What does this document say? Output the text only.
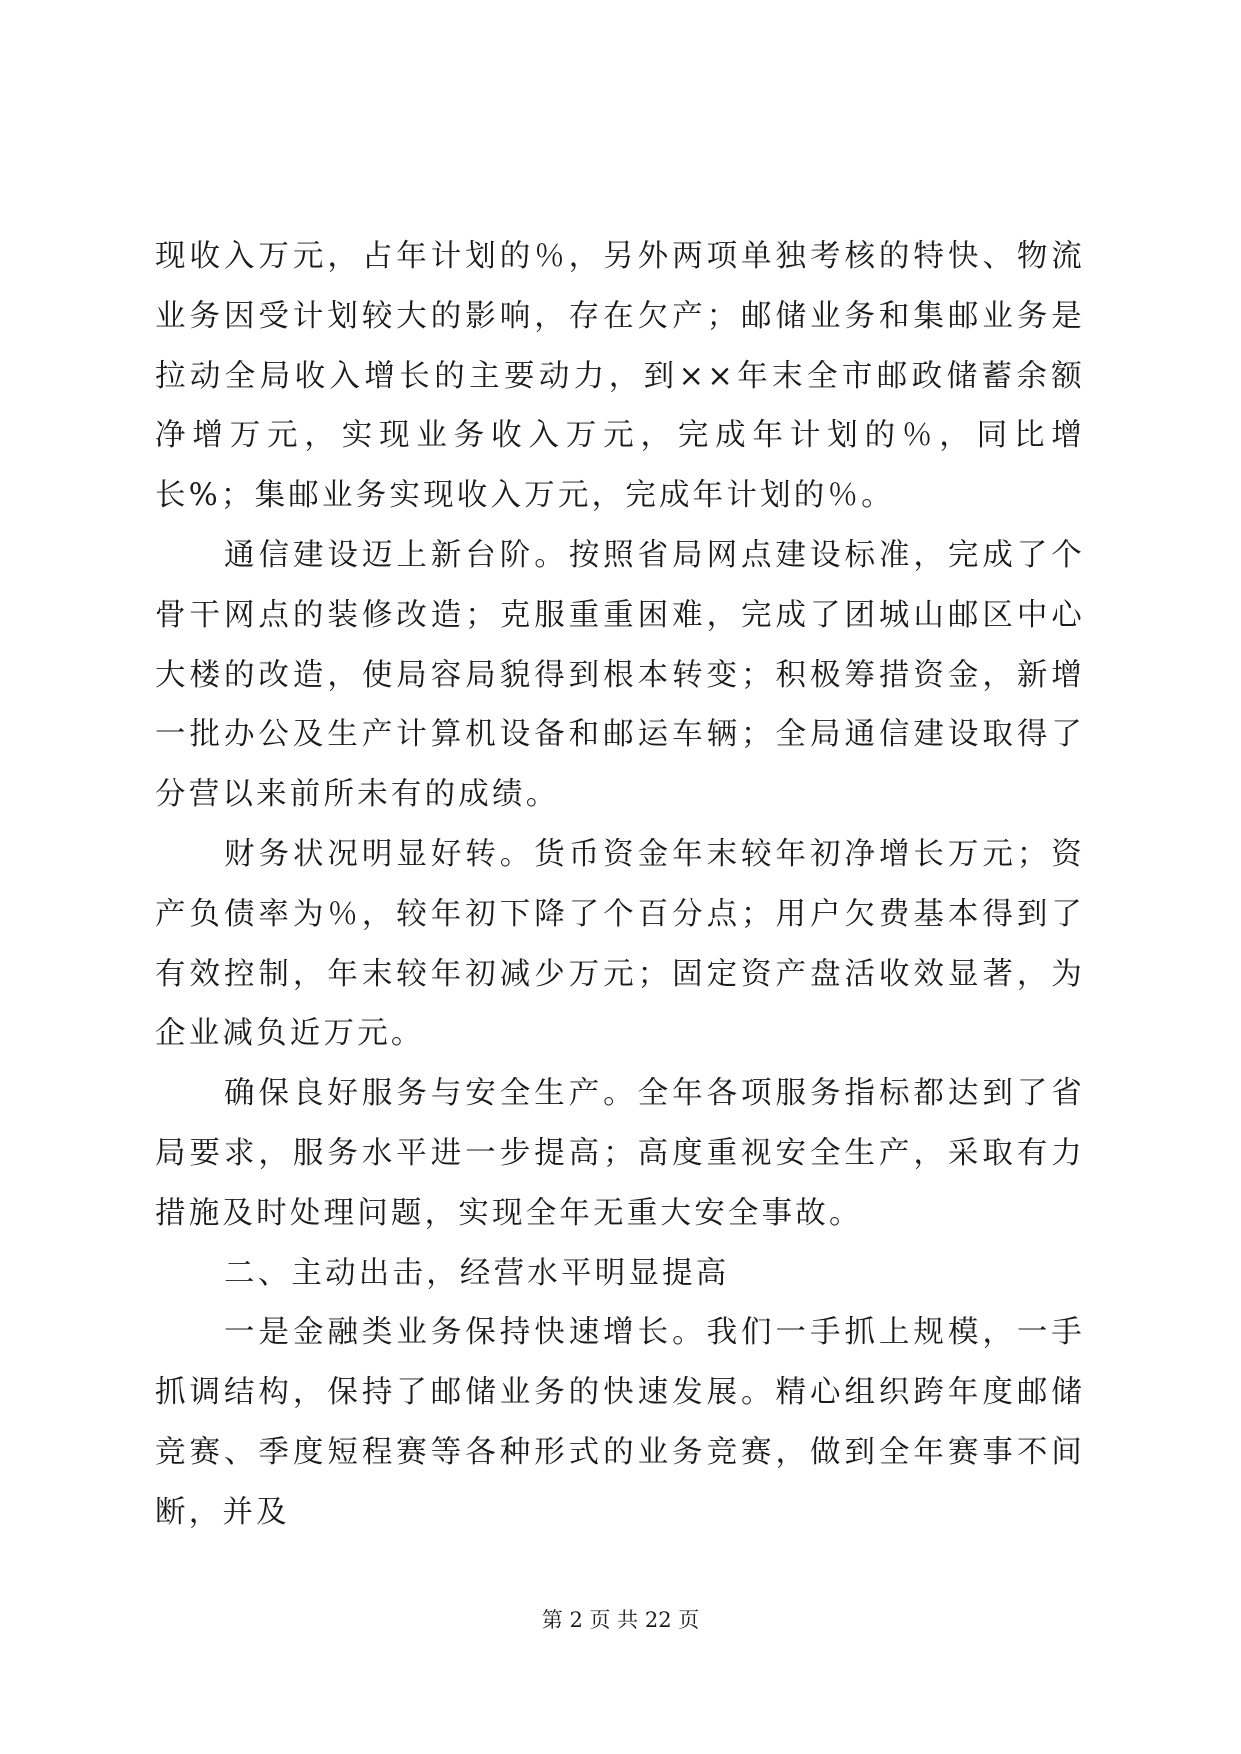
现收入万元，占年计划的％，另外两项单独考核的特快、物流业务因受计划较大的影响，存在欠产；邮储业务和集邮业务是拉动全局收入增长的主要动力，到××年末全市邮政储蓄余额净增万元，实现业务收入万元，完成年计划的％，同比增长%；集邮业务实现收入万元，完成年计划的％。

通信建设迈上新台阶。按照省局网点建设标准，完成了个骨干网点的装修改造；克服重重困难，完成了团城山邮区中心大楼的改造，使局容局貌得到根本转变；积极筹措资金，新增一批办公及生产计算机设备和邮运车辆；全局通信建设取得了分营以来前所未有的成绩。

财务状况明显好转。货币资金年末较年初净增长万元；资产负债率为％，较年初下降了个百分点；用户欠费基本得到了有效控制，年末较年初减少万元；固定资产盘活收效显著，为企业减负近万元。

确保良好服务与安全生产。全年各项服务指标都达到了省局要求，服务水平进一步提高；高度重视安全生产，采取有力措施及时处理问题，实现全年无重大安全事故。

二、主动出击，经营水平明显提高

一是金融类业务保持快速增长。我们一手抓上规模，一手抓调结构，保持了邮储业务的快速发展。精心组织跨年度邮储竞赛、季度短程赛等各种形式的业务竞赛，做到全年赛事不间断，并及

第 2 页 共 22 页
